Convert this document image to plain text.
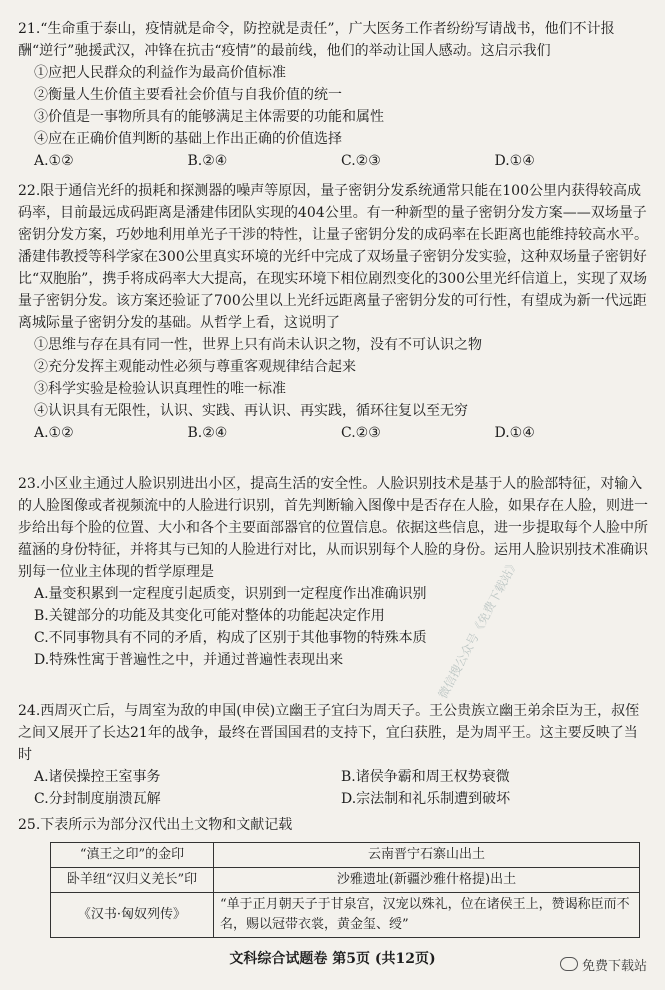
21.“生命重于泰山，疫情就是命令，防控就是责任”，广大医务工作者纷纷写请战书，他们不计报酬“逆行”驰援武汉，冲锋在抗击“疫情”的最前线，他们的举动让国人感动。这启示我们

①应把人民群众的利益作为最高价值标准

②衡量人生价值主要看社会价值与自我价值的统一

③价值是一事物所具有的能够满足主体需要的功能和属性

④应在正确价值判断的基础上作出正确的价值选择

A.①②	B.②④	C.②③	D.①④

22.限于通信光纤的损耗和探测器的噪声等原因，量子密钥分发系统通常只能在100公里内获得较高成码率，目前最远成码距离是潘建伟团队实现的404公里。有一种新型的量子密钥分发方案——双场量子密钥分发方案，巧妙地利用单光子干涉的特性，让量子密钥分发的成码率在长距离也能维持较高水平。潘建伟教授等科学家在300公里真实环境的光纤中完成了双场量子密钥分发实验，这种双场量子密钥好比“双胞胎”，携手将成码率大大提高，在现实环境下相位剧烈变化的300公里光纤信道上，实现了双场量子密钥分发。该方案还验证了700公里以上光纤远距离量子密钥分发的可行性，有望成为新一代远距离城际量子密钥分发的基础。从哲学上看，这说明了

①思维与存在具有同一性，世界上只有尚未认识之物，没有不可认识之物

②充分发挥主观能动性必须与尊重客观规律结合起来

③科学实验是检验认识真理性的唯一标准

④认识具有无限性，认识、实践、再认识、再实践，循环往复以至无穷

A.①②	B.②④	C.②③	D.①④

23.小区业主通过人脸识别进出小区，提高生活的安全性。人脸识别技术是基于人的脸部特征，对输入的人脸图像或者视频流中的人脸进行识别，首先判断输入图像中是否存在人脸，如果存在人脸，则进一步给出每个脸的位置、大小和各个主要面部器官的位置信息。依据这些信息，进一步提取每个人脸中所蕴涵的身份特征，并将其与已知的人脸进行对比，从而识别每个人脸的身份。运用人脸识别技术准确识别每一位业主体现的哲学原理是

A.量变积累到一定程度引起质变，识别到一定程度作出准确识别

B.关键部分的功能及其变化可能对整体的功能起决定作用

C.不同事物具有不同的矛盾，构成了区别于其他事物的特殊本质

D.特殊性寓于普遍性之中，并通过普遍性表现出来

24.西周灭亡后，与周室为敌的申国(申侯)立幽王子宜臼为周天子。王公贵族立幽王弟余臣为王，叔侄之间又展开了长达21年的战争，最终在晋国国君的支持下，宜臼获胜，是为周平王。这主要反映了当时

A.诸侯操控王室事务	B.诸侯争霸和周王权势衰微
C.分封制度崩溃瓦解	D.宗法制和礼乐制遭到破坏

25.下表所示为部分汉代出土文物和文献记载

“滇王之印”的金印	云南晋宁石寨山出土
卧羊纽“汉归义羌长”印	沙雅遗址(新疆沙雅什格提)出土
《汉书·匈奴列传》	“单于正月朝天子于甘泉宫，汉宠以殊礼，位在诸侯王上，赞谒称臣而不名，赐以冠带衣裳，黄金玺、绶”
微信搜公众号《免费下载站》
文科综合试题卷 第5页 (共12页)	免费下载站
